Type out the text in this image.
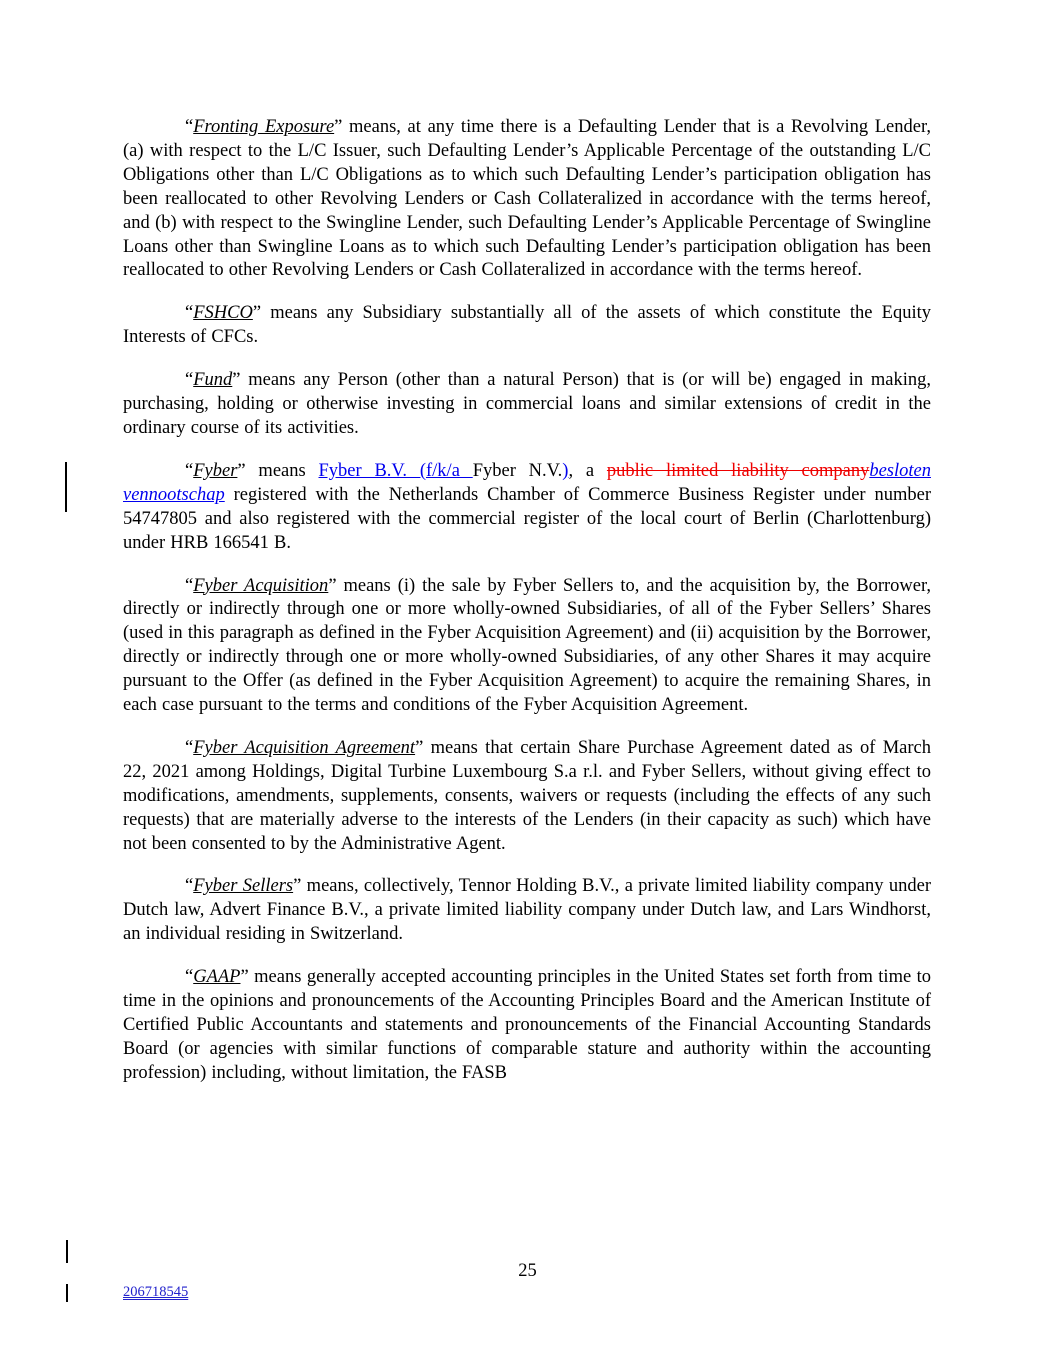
“Fronting Exposure” means, at any time there is a Defaulting Lender that is a Revolving Lender, (a) with respect to the L/C Issuer, such Defaulting Lender’s Applicable Percentage of the outstanding L/C Obligations other than L/C Obligations as to which such Defaulting Lender’s participation obligation has been reallocated to other Revolving Lenders or Cash Collateralized in accordance with the terms hereof, and (b) with respect to the Swingline Lender, such Defaulting Lender’s Applicable Percentage of Swingline Loans other than Swingline Loans as to which such Defaulting Lender’s participation obligation has been reallocated to other Revolving Lenders or Cash Collateralized in accordance with the terms hereof.

“FSHCO” means any Subsidiary substantially all of the assets of which constitute the Equity Interests of CFCs.

“Fund” means any Person (other than a natural Person) that is (or will be) engaged in making, purchasing, holding or otherwise investing in commercial loans and similar extensions of credit in the ordinary course of its activities.

“Fyber” means Fyber B.V. (f/k/a Fyber N.V.), a public limited liability companybesloten vennootschap registered with the Netherlands Chamber of Commerce Business Register under number 54747805 and also registered with the commercial register of the local court of Berlin (Charlottenburg) under HRB 166541 B.

“Fyber Acquisition” means (i) the sale by Fyber Sellers to, and the acquisition by, the Borrower, directly or indirectly through one or more wholly-owned Subsidiaries, of all of the Fyber Sellers’ Shares (used in this paragraph as defined in the Fyber Acquisition Agreement) and (ii) acquisition by the Borrower, directly or indirectly through one or more wholly-owned Subsidiaries, of any other Shares it may acquire pursuant to the Offer (as defined in the Fyber Acquisition Agreement) to acquire the remaining Shares, in each case pursuant to the terms and conditions of the Fyber Acquisition Agreement.

“Fyber Acquisition Agreement” means that certain Share Purchase Agreement dated as of March 22, 2021 among Holdings, Digital Turbine Luxembourg S.a r.l. and Fyber Sellers, without giving effect to modifications, amendments, supplements, consents, waivers or requests (including the effects of any such requests) that are materially adverse to the interests of the Lenders (in their capacity as such) which have not been consented to by the Administrative Agent.

“Fyber Sellers” means, collectively, Tennor Holding B.V., a private limited liability company under Dutch law, Advert Finance B.V., a private limited liability company under Dutch law, and Lars Windhorst, an individual residing in Switzerland.

“GAAP” means generally accepted accounting principles in the United States set forth from time to time in the opinions and pronouncements of the Accounting Principles Board and the American Institute of Certified Public Accountants and statements and pronouncements of the Financial Accounting Standards Board (or agencies with similar functions of comparable stature and authority within the accounting profession) including, without limitation, the FASB

25
206718545
